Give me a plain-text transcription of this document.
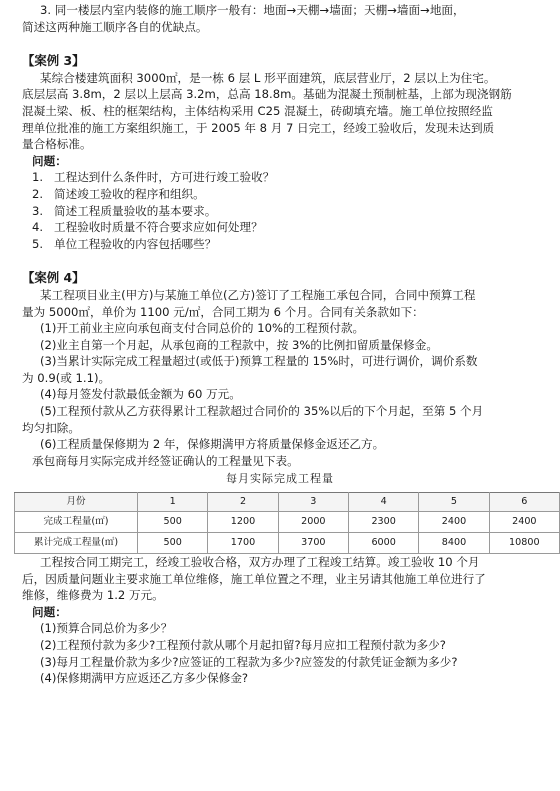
3. 同一楼层内室内装修的施工顺序一般有：地面→天棚→墙面；天棚→墙面→地面，

简述这两种施工顺序各自的优缺点。

【案例 3】

某综合楼建筑面积 3000㎡，是一栋 6 层 L 形平面建筑，底层营业厅，2 层以上为住宅。

底层层高 3.8m，2 层以上层高 3.2m，总高 18.8m。基础为混凝土预制桩基，上部为现浇钢筋

混凝土梁、板、柱的框架结构，主体结构采用 C25 混凝土，砖砌填充墙。施工单位按照经监

理单位批准的施工方案组织施工，于 2005 年 8 月 7 日完工，经竣工验收后，发现未达到质

量合格标准。

问题：

1. 工程达到什么条件时，方可进行竣工验收？

2. 简述竣工验收的程序和组织。

3. 简述工程质量验收的基本要求。

4. 工程验收时质量不符合要求应如何处理？

5. 单位工程验收的内容包括哪些？

【案例 4】

某工程项目业主(甲方)与某施工单位(乙方)签订了工程施工承包合同，合同中预算工程

量为 5000㎡，单价为 1100 元/㎡，合同工期为 6 个月。合同有关条款如下：

(1)开工前业主应向承包商支付合同总价的 10%的工程预付款。

(2)业主自第一个月起，从承包商的工程款中，按 3%的比例扣留质量保修金。

(3)当累计实际完成工程量超过(或低于)预算工程量的 15%时，可进行调价，调价系数

为 0.9(或 1.1)。

(4)每月签发付款最低金额为 60 万元。

(5)工程预付款从乙方获得累计工程款超过合同价的 35%以后的下个月起，至第 5 个月

均匀扣除。

(6)工程质量保修期为 2 年，保修期满甲方将质量保修金返还乙方。

承包商每月实际完成并经签证确认的工程量见下表。

每月实际完成工程量

月份	1	2	3	4	5	6
完成工程量(㎡)	500	1200	2000	2300	2400	2400
累计完成工程量(㎡)	500	1700	3700	6000	8400	10800

工程按合同工期完工，经竣工验收合格，双方办理了工程竣工结算。竣工验收 10 个月

后，因质量问题业主要求施工单位维修，施工单位置之不理，业主另请其他施工单位进行了

维修，维修费为 1.2 万元。

问题：

(1)预算合同总价为多少？

(2)工程预付款为多少?工程预付款从哪个月起扣留?每月应扣工程预付款为多少?

(3)每月工程量价款为多少?应签证的工程款为多少?应签发的付款凭证金额为多少?

(4)保修期满甲方应返还乙方多少保修金?
